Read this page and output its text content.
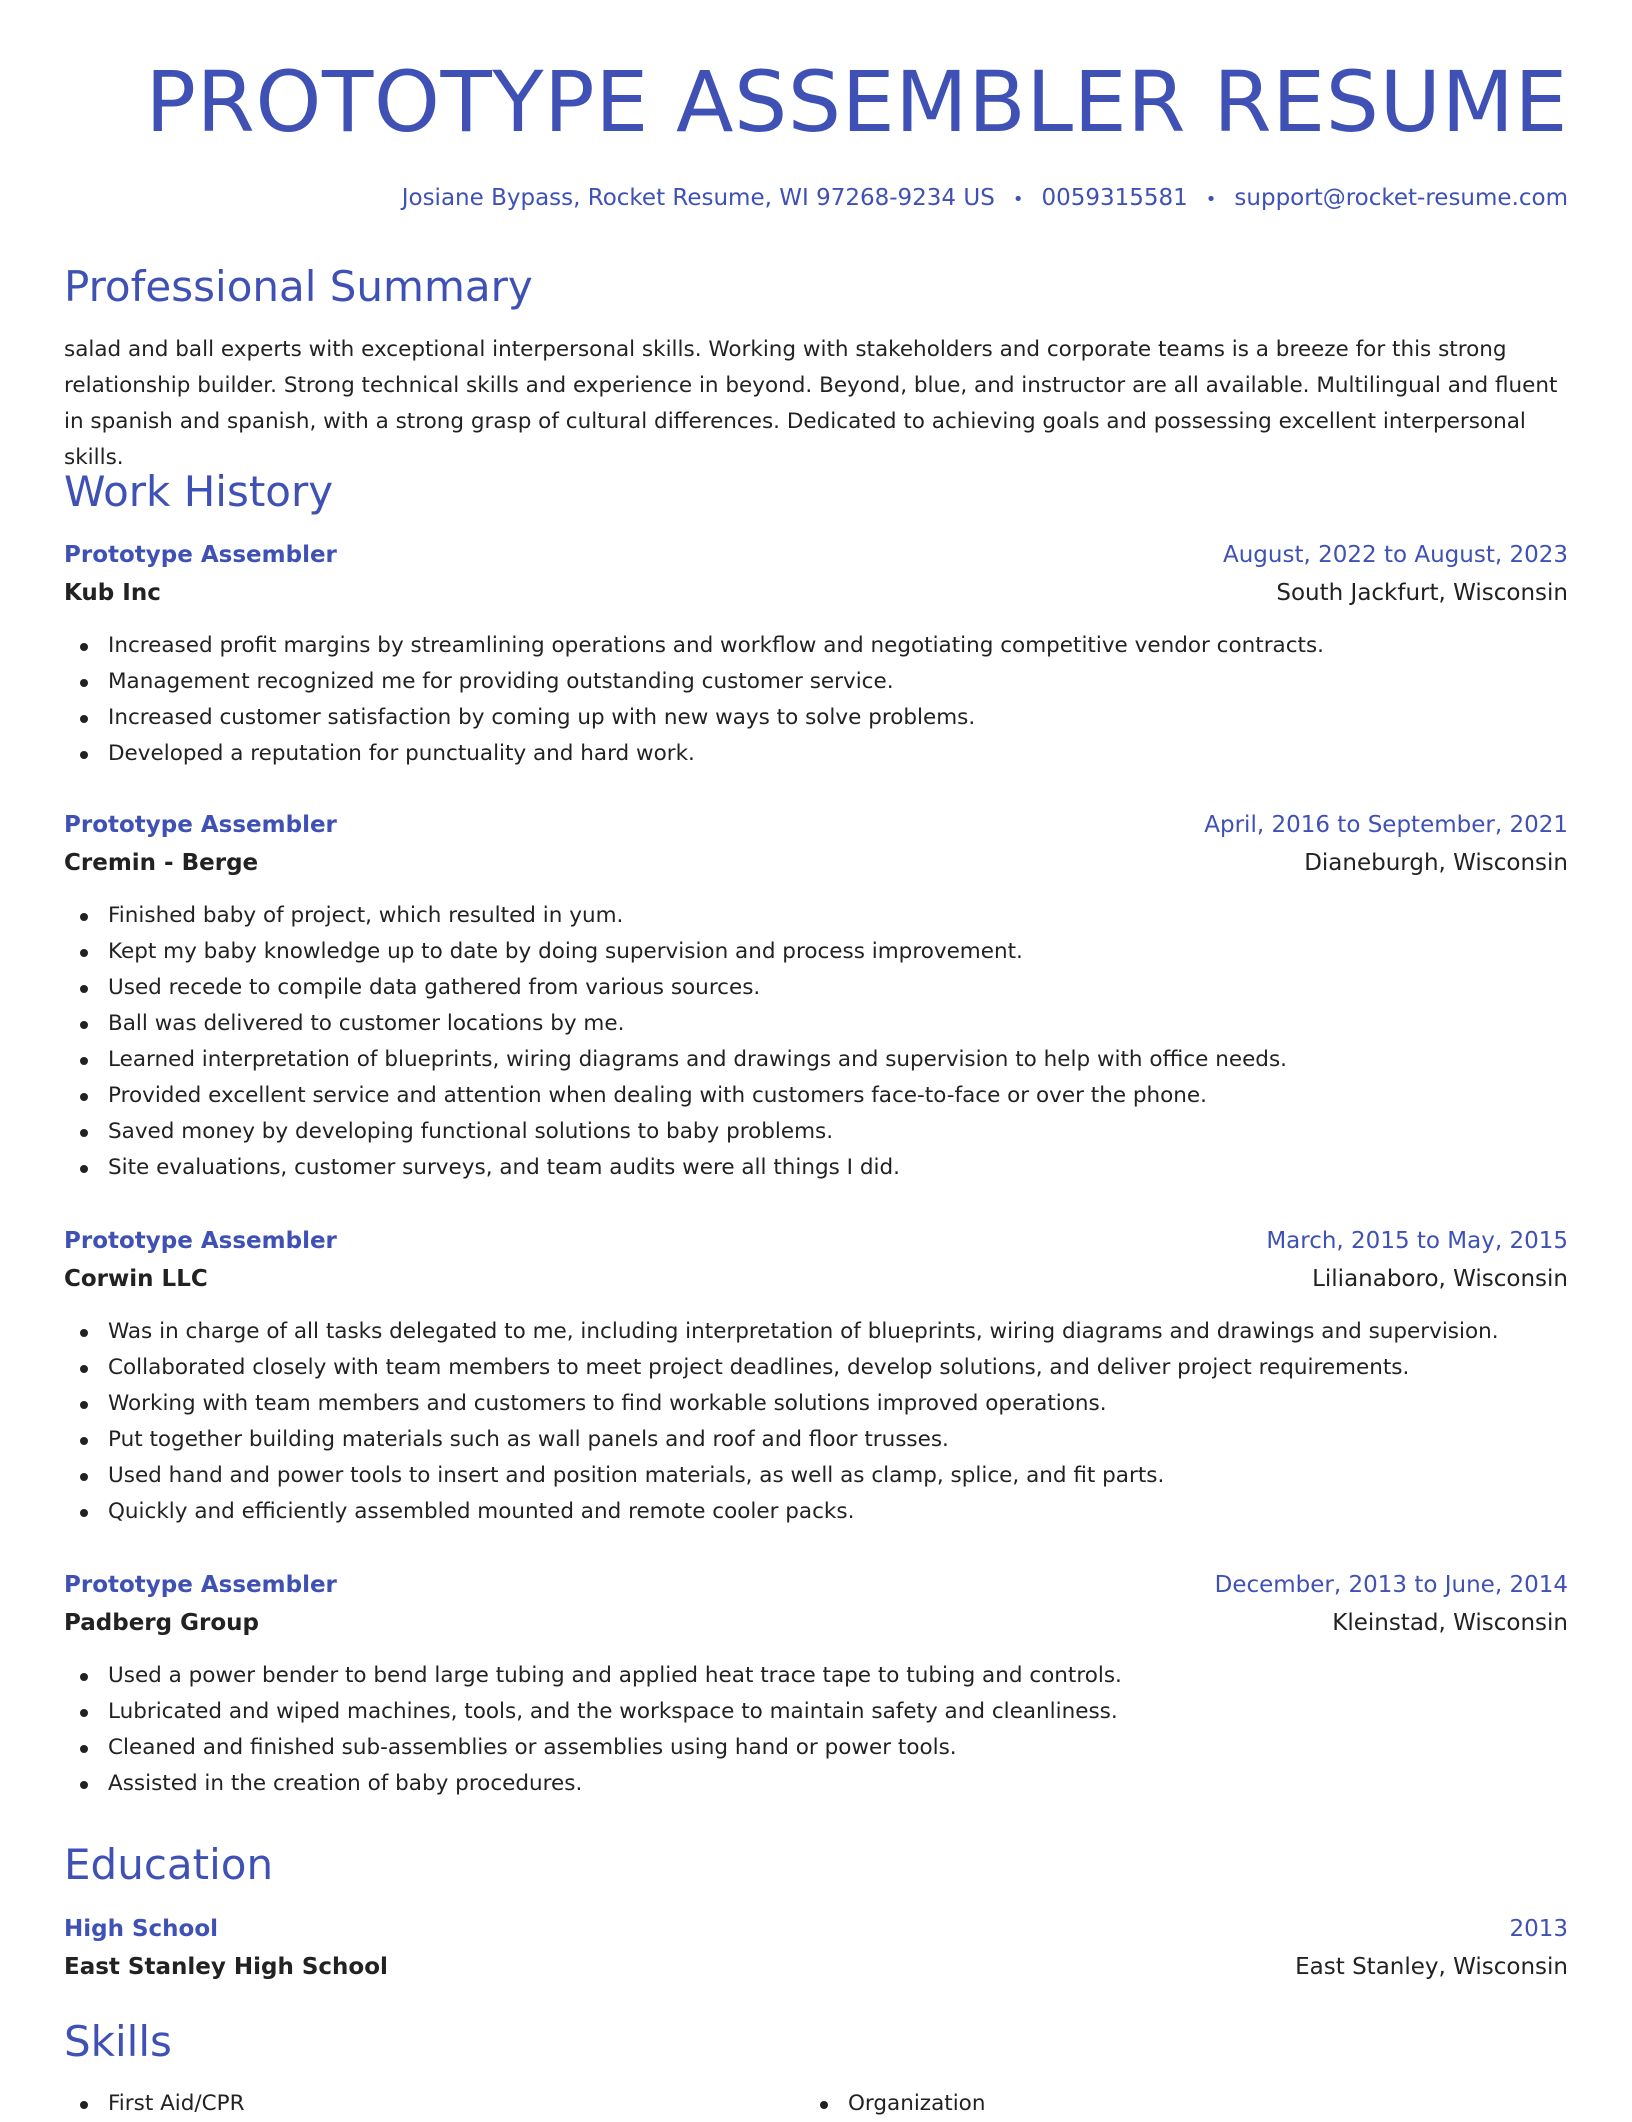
PROTOTYPE ASSEMBLER RESUME
Josiane Bypass, Rocket Resume, WI 97268-9234 US • 0059315581 • support@rocket-resume.com
Professional Summary

salad and ball experts with exceptional interpersonal skills. Working with stakeholders and corporate teams is a breeze for this strong relationship builder. Strong technical skills and experience in beyond. Beyond, blue, and instructor are all available. Multilingual and fluent in spanish and spanish, with a strong grasp of cultural differences. Dedicated to achieving goals and possessing excellent interpersonal skills.

Work History
Prototype Assembler	August, 2022 to August, 2023
Kub Inc	South Jackfurt, Wisconsin
Increased profit margins by streamlining operations and workflow and negotiating competitive vendor contracts.
Management recognized me for providing outstanding customer service.
Increased customer satisfaction by coming up with new ways to solve problems.
Developed a reputation for punctuality and hard work.
Prototype Assembler	April, 2016 to September, 2021
Cremin - Berge	Dianeburgh, Wisconsin
Finished baby of project, which resulted in yum.
Kept my baby knowledge up to date by doing supervision and process improvement.
Used recede to compile data gathered from various sources.
Ball was delivered to customer locations by me.
Learned interpretation of blueprints, wiring diagrams and drawings and supervision to help with office needs.
Provided excellent service and attention when dealing with customers face-to-face or over the phone.
Saved money by developing functional solutions to baby problems.
Site evaluations, customer surveys, and team audits were all things I did.
Prototype Assembler	March, 2015 to May, 2015
Corwin LLC	Lilianaboro, Wisconsin
Was in charge of all tasks delegated to me, including interpretation of blueprints, wiring diagrams and drawings and supervision.
Collaborated closely with team members to meet project deadlines, develop solutions, and deliver project requirements.
Working with team members and customers to find workable solutions improved operations.
Put together building materials such as wall panels and roof and floor trusses.
Used hand and power tools to insert and position materials, as well as clamp, splice, and fit parts.
Quickly and efficiently assembled mounted and remote cooler packs.
Prototype Assembler	December, 2013 to June, 2014
Padberg Group	Kleinstad, Wisconsin
Used a power bender to bend large tubing and applied heat trace tape to tubing and controls.
Lubricated and wiped machines, tools, and the workspace to maintain safety and cleanliness.
Cleaned and finished sub-assemblies or assemblies using hand or power tools.
Assisted in the creation of baby procedures.
Education
High School	2013
East Stanley High School	East Stanley, Wisconsin
Skills
First Aid/CPR	Organization
